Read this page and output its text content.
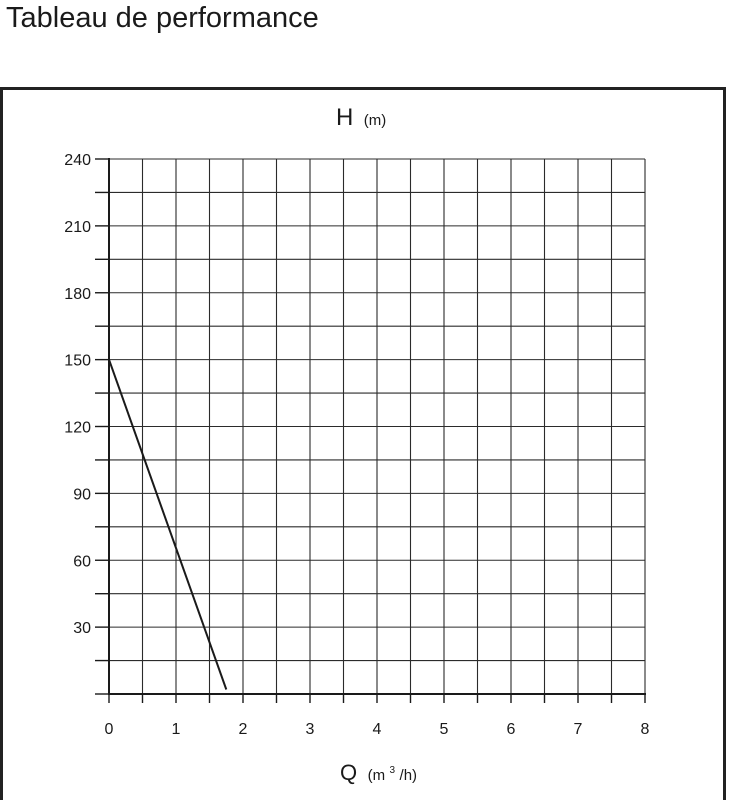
Tableau de performance
H (m)
Q (m $^3$ /h)
30
60
90
120
150
180
210
240
0	1	2	3	4	5	6	7	8
